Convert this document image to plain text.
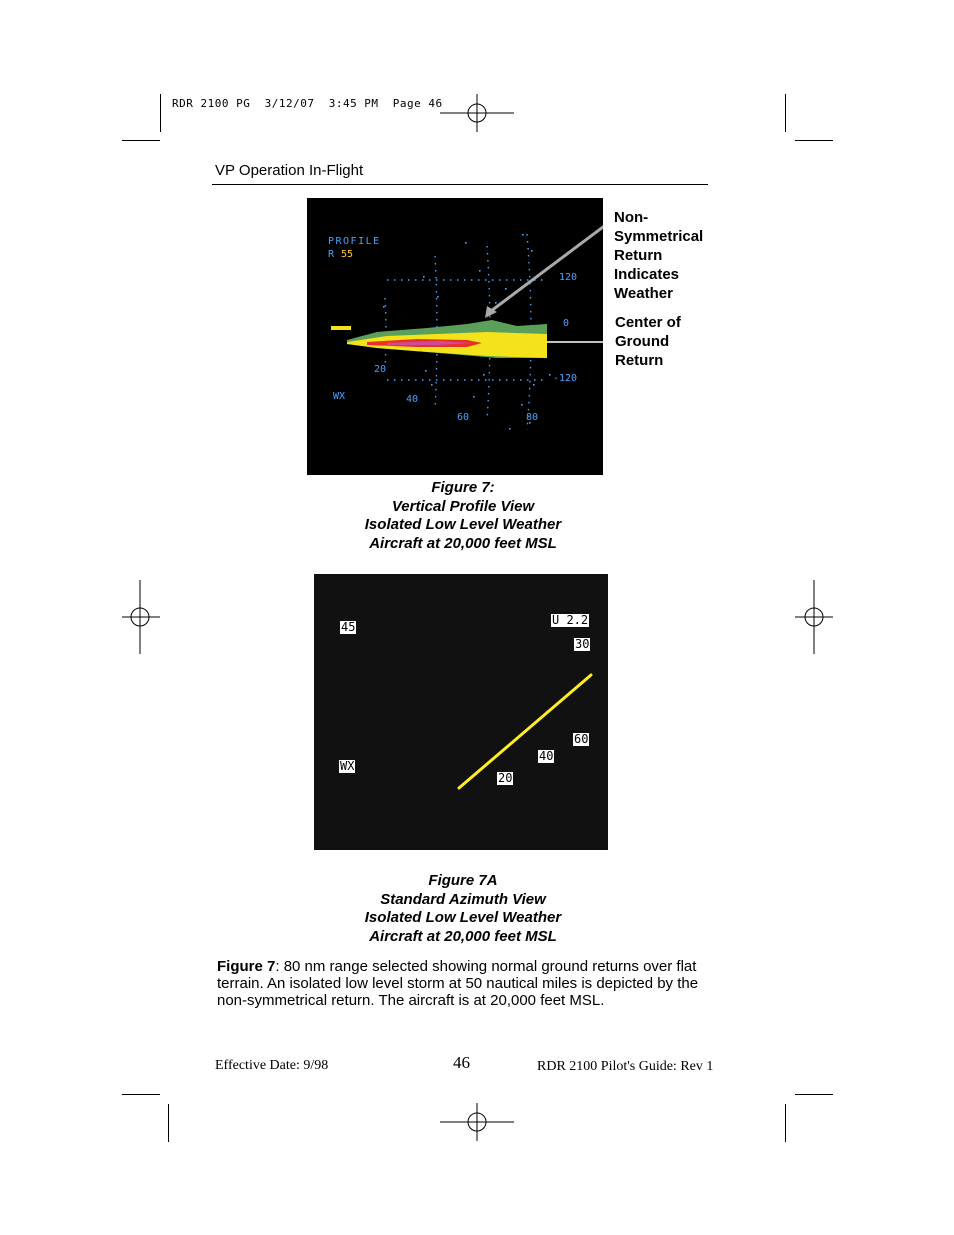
RDR 2100 PG  3/12/07  3:45 PM  Page 46
VP Operation In-Flight
PROFILE
R 55
120
0
-120
20
40
60	80
WX
Non-
Symmetrical
Return
Indicates
Weather
Center of
Ground
Return
Figure 7:
Vertical Profile View
Isolated Low Level Weather
Aircraft at 20,000 feet MSL
45	U 2.2
30
60
40
20
WX
Figure 7A
Standard Azimuth View
Isolated Low Level Weather
Aircraft at 20,000 feet MSL
Figure 7: 80 nm range selected showing normal ground returns over flat terrain. An isolated low level storm at 50 nautical miles is depicted by the non-symmetrical return. The aircraft is at 20,000 feet MSL.
Effective Date: 9/98	46	RDR 2100 Pilot's Guide: Rev 1
